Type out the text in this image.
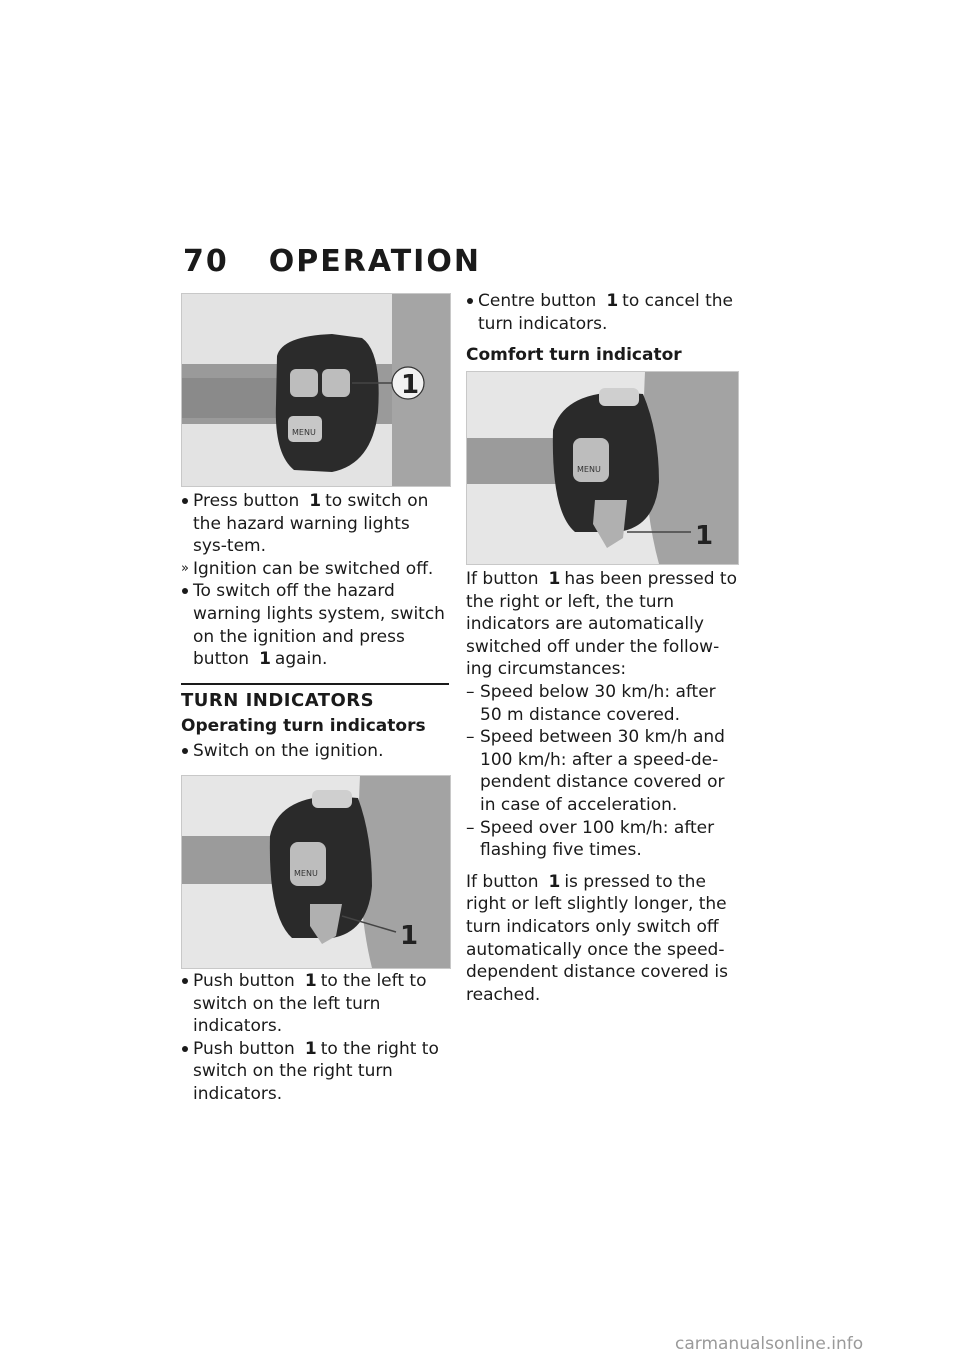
70 OPERATION
MENU
1
Press button 1 to switch on the hazard warning lights sys-tem.
» Ignition can be switched off.
To switch off the hazard warning lights system, switch on the ignition and press button 1 again.
TURN INDICATORS
Operating turn indicators
Switch on the ignition.
MENU
1
Push button 1 to the left to switch on the left turn indicators.
Push button 1 to the right to switch on the right turn indicators.
Centre button 1 to cancel the turn indicators.
Comfort turn indicator
MENU
1

If button 1 has been pressed to the right or left, the turn indicators are automatically switched off under the follow-ing circumstances:

– Speed below 30 km/h: after 50 m distance covered.
– Speed between 30 km/h and 100 km/h: after a speed-de-pendent distance covered or in case of acceleration.
– Speed over 100 km/h: after flashing five times.

If button 1 is pressed to the right or left slightly longer, the turn indicators only switch off automatically once the speed-dependent distance covered is reached.

carmanualsonline.info
